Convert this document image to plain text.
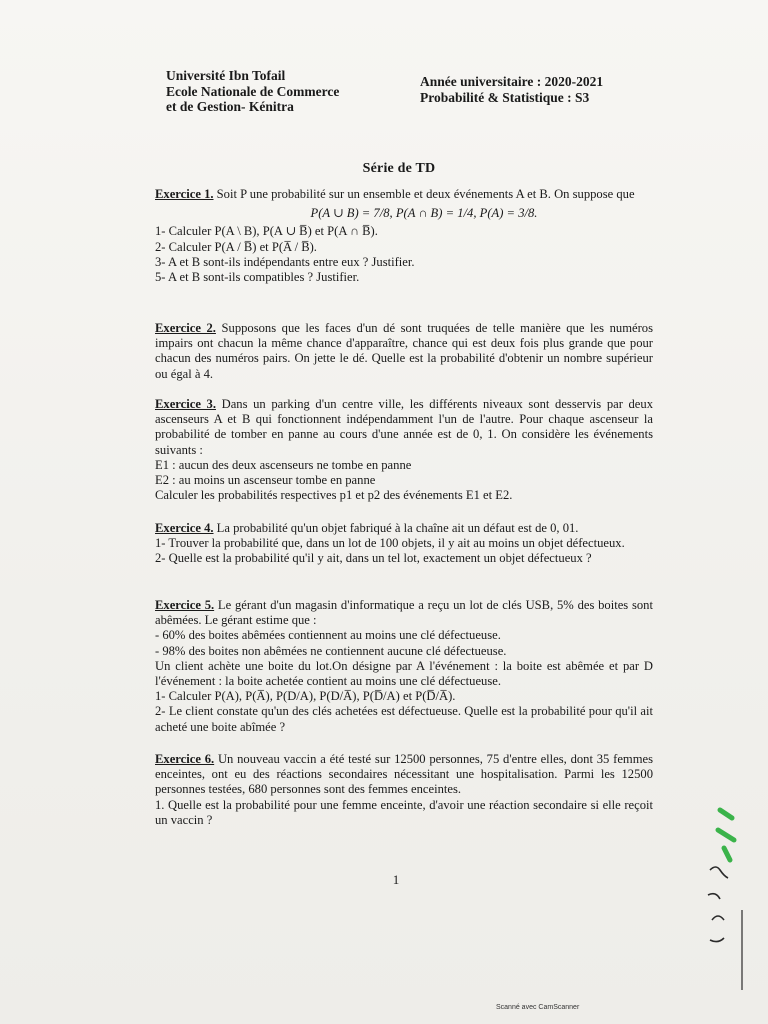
Université Ibn Tofail
Ecole Nationale de Commerce
et de Gestion- Kénitra
Année universitaire : 2020-2021
Probabilité & Statistique : S3
Série de TD

Exercice 1. Soit P une probabilité sur un ensemble et deux événements A et B. On suppose que

P(A ∪ B) = 7/8, P(A ∩ B) = 1/4, P(A) = 3/8.
1- Calculer P(A \ B), P(A ∪ B̅) et P(A ∩ B̅).
2- Calculer P(A / B̅) et P(A̅ / B̅).
3- A et B sont-ils indépendants entre eux ? Justifier.
5- A et B sont-ils compatibles ? Justifier.

Exercice 2. Supposons que les faces d'un dé sont truquées de telle manière que les numéros impairs ont chacun la même chance d'apparaître, chance qui est deux fois plus grande que pour chacun des numéros pairs. On jette le dé. Quelle est la probabilité d'obtenir un nombre supérieur ou égal à 4.

Exercice 3. Dans un parking d'un centre ville, les différents niveaux sont desservis par deux ascenseurs A et B qui fonctionnent indépendamment l'un de l'autre. Pour chaque ascenseur la probabilité de tomber en panne au cours d'une année est de 0, 1. On considère les événements suivants :

E1 : aucun des deux ascenseurs ne tombe en panne
E2 : au moins un ascenseur tombe en panne
Calculer les probabilités respectives p1 et p2 des événements E1 et E2.

Exercice 4. La probabilité qu'un objet fabriqué à la chaîne ait un défaut est de 0, 01.

1- Trouver la probabilité que, dans un lot de 100 objets, il y ait au moins un objet défectueux.

2- Quelle est la probabilité qu'il y ait, dans un tel lot, exactement un objet défectueux ?

Exercice 5. Le gérant d'un magasin d'informatique a reçu un lot de clés USB, 5% des boites sont abêmées. Le gérant estime que :

- 60% des boites abêmées contiennent au moins une clé défectueuse.
- 98% des boites non abêmées ne contiennent aucune clé défectueuse.

Un client achète une boite du lot.On désigne par A l'événement : la boite est abêmée et par D l'événement : la boite achetée contient au moins une clé défectueuse.

1- Calculer P(A), P(A̅), P(D/A), P(D/A̅), P(D̅/A) et P(D̅/A̅).

2- Le client constate qu'un des clés achetées est défectueuse. Quelle est la probabilité pour qu'il ait acheté une boite abîmée ?

Exercice 6. Un nouveau vaccin a été testé sur 12500 personnes, 75 d'entre elles, dont 35 femmes enceintes, ont eu des réactions secondaires nécessitant une hospitalisation. Parmi les 12500 personnes testées, 680 personnes sont des femmes enceintes.

1. Quelle est la probabilité pour une femme enceinte, d'avoir une réaction secondaire si elle reçoit un vaccin ?

1
Scanné avec CamScanner
